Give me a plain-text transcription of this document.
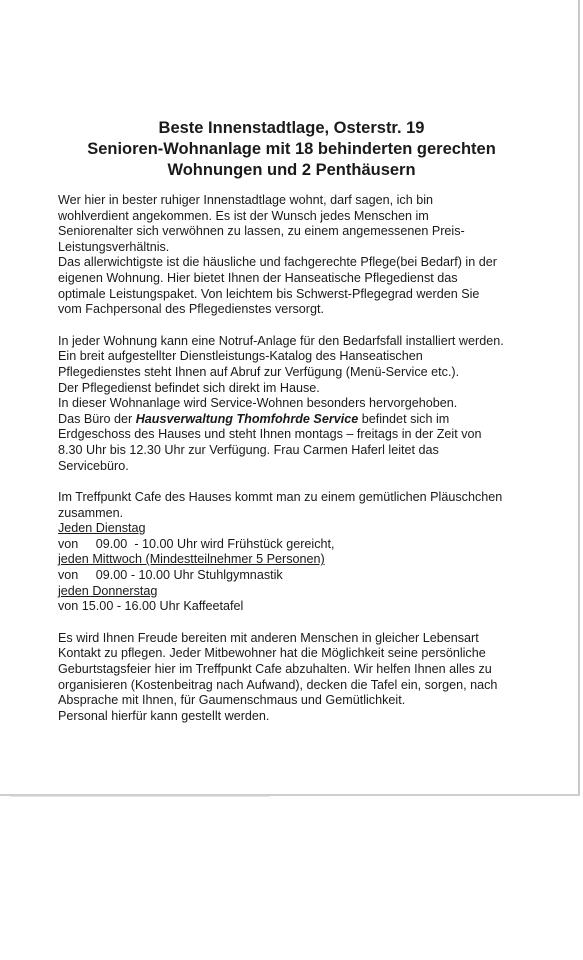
Beste Innenstadtlage, Osterstr. 19
Senioren-Wohnanlage mit 18 behinderten gerechten
Wohnungen und 2 Penthäusern
Wer hier in bester ruhiger Innenstadtlage wohnt, darf sagen, ich bin
wohlverdient angekommen. Es ist der Wunsch jedes Menschen im
Seniorenalter sich verwöhnen zu lassen, zu einem angemessenen Preis-
Leistungsverhältnis.
Das allerwichtigste ist die häusliche und fachgerechte Pflege(bei Bedarf) in der
eigenen Wohnung. Hier bietet Ihnen der Hanseatische Pflegedienst das
optimale Leistungspaket. Von leichtem bis Schwerst-Pflegegrad werden Sie
vom Fachpersonal des Pflegedienstes versorgt.
In jeder Wohnung kann eine Notruf-Anlage für den Bedarfsfall installiert werden.
Ein breit aufgestellter Dienstleistungs-Katalog des Hanseatischen
Pflegedienstes steht Ihnen auf Abruf zur Verfügung (Menü-Service etc.).
Der Pflegedienst befindet sich direkt im Hause.
In dieser Wohnanlage wird Service-Wohnen besonders hervorgehoben.
Das Büro der Hausverwaltung Thomfohrde Service befindet sich im
Erdgeschoss des Hauses und steht Ihnen montags – freitags in der Zeit von
8.30 Uhr bis 12.30 Uhr zur Verfügung. Frau Carmen Haferl leitet das
Servicebüro.
Im Treffpunkt Cafe des Hauses kommt man zu einem gemütlichen Pläuschchen
zusammen.
Jeden Dienstag
von     09.00  - 10.00 Uhr wird Frühstück gereicht,
jeden Mittwoch (Mindestteilnehmer 5 Personen)
von     09.00 - 10.00 Uhr Stuhlgymnastik
jeden Donnerstag
von 15.00 - 16.00 Uhr Kaffeetafel
Es wird Ihnen Freude bereiten mit anderen Menschen in gleicher Lebensart
Kontakt zu pflegen. Jeder Mitbewohner hat die Möglichkeit seine persönliche
Geburtstagsfeier hier im Treffpunkt Cafe abzuhalten. Wir helfen Ihnen alles zu
organisieren (Kostenbeitrag nach Aufwand), decken die Tafel ein, sorgen, nach
Absprache mit Ihnen, für Gaumenschmaus und Gemütlichkeit.
Personal hierfür kann gestellt werden.
